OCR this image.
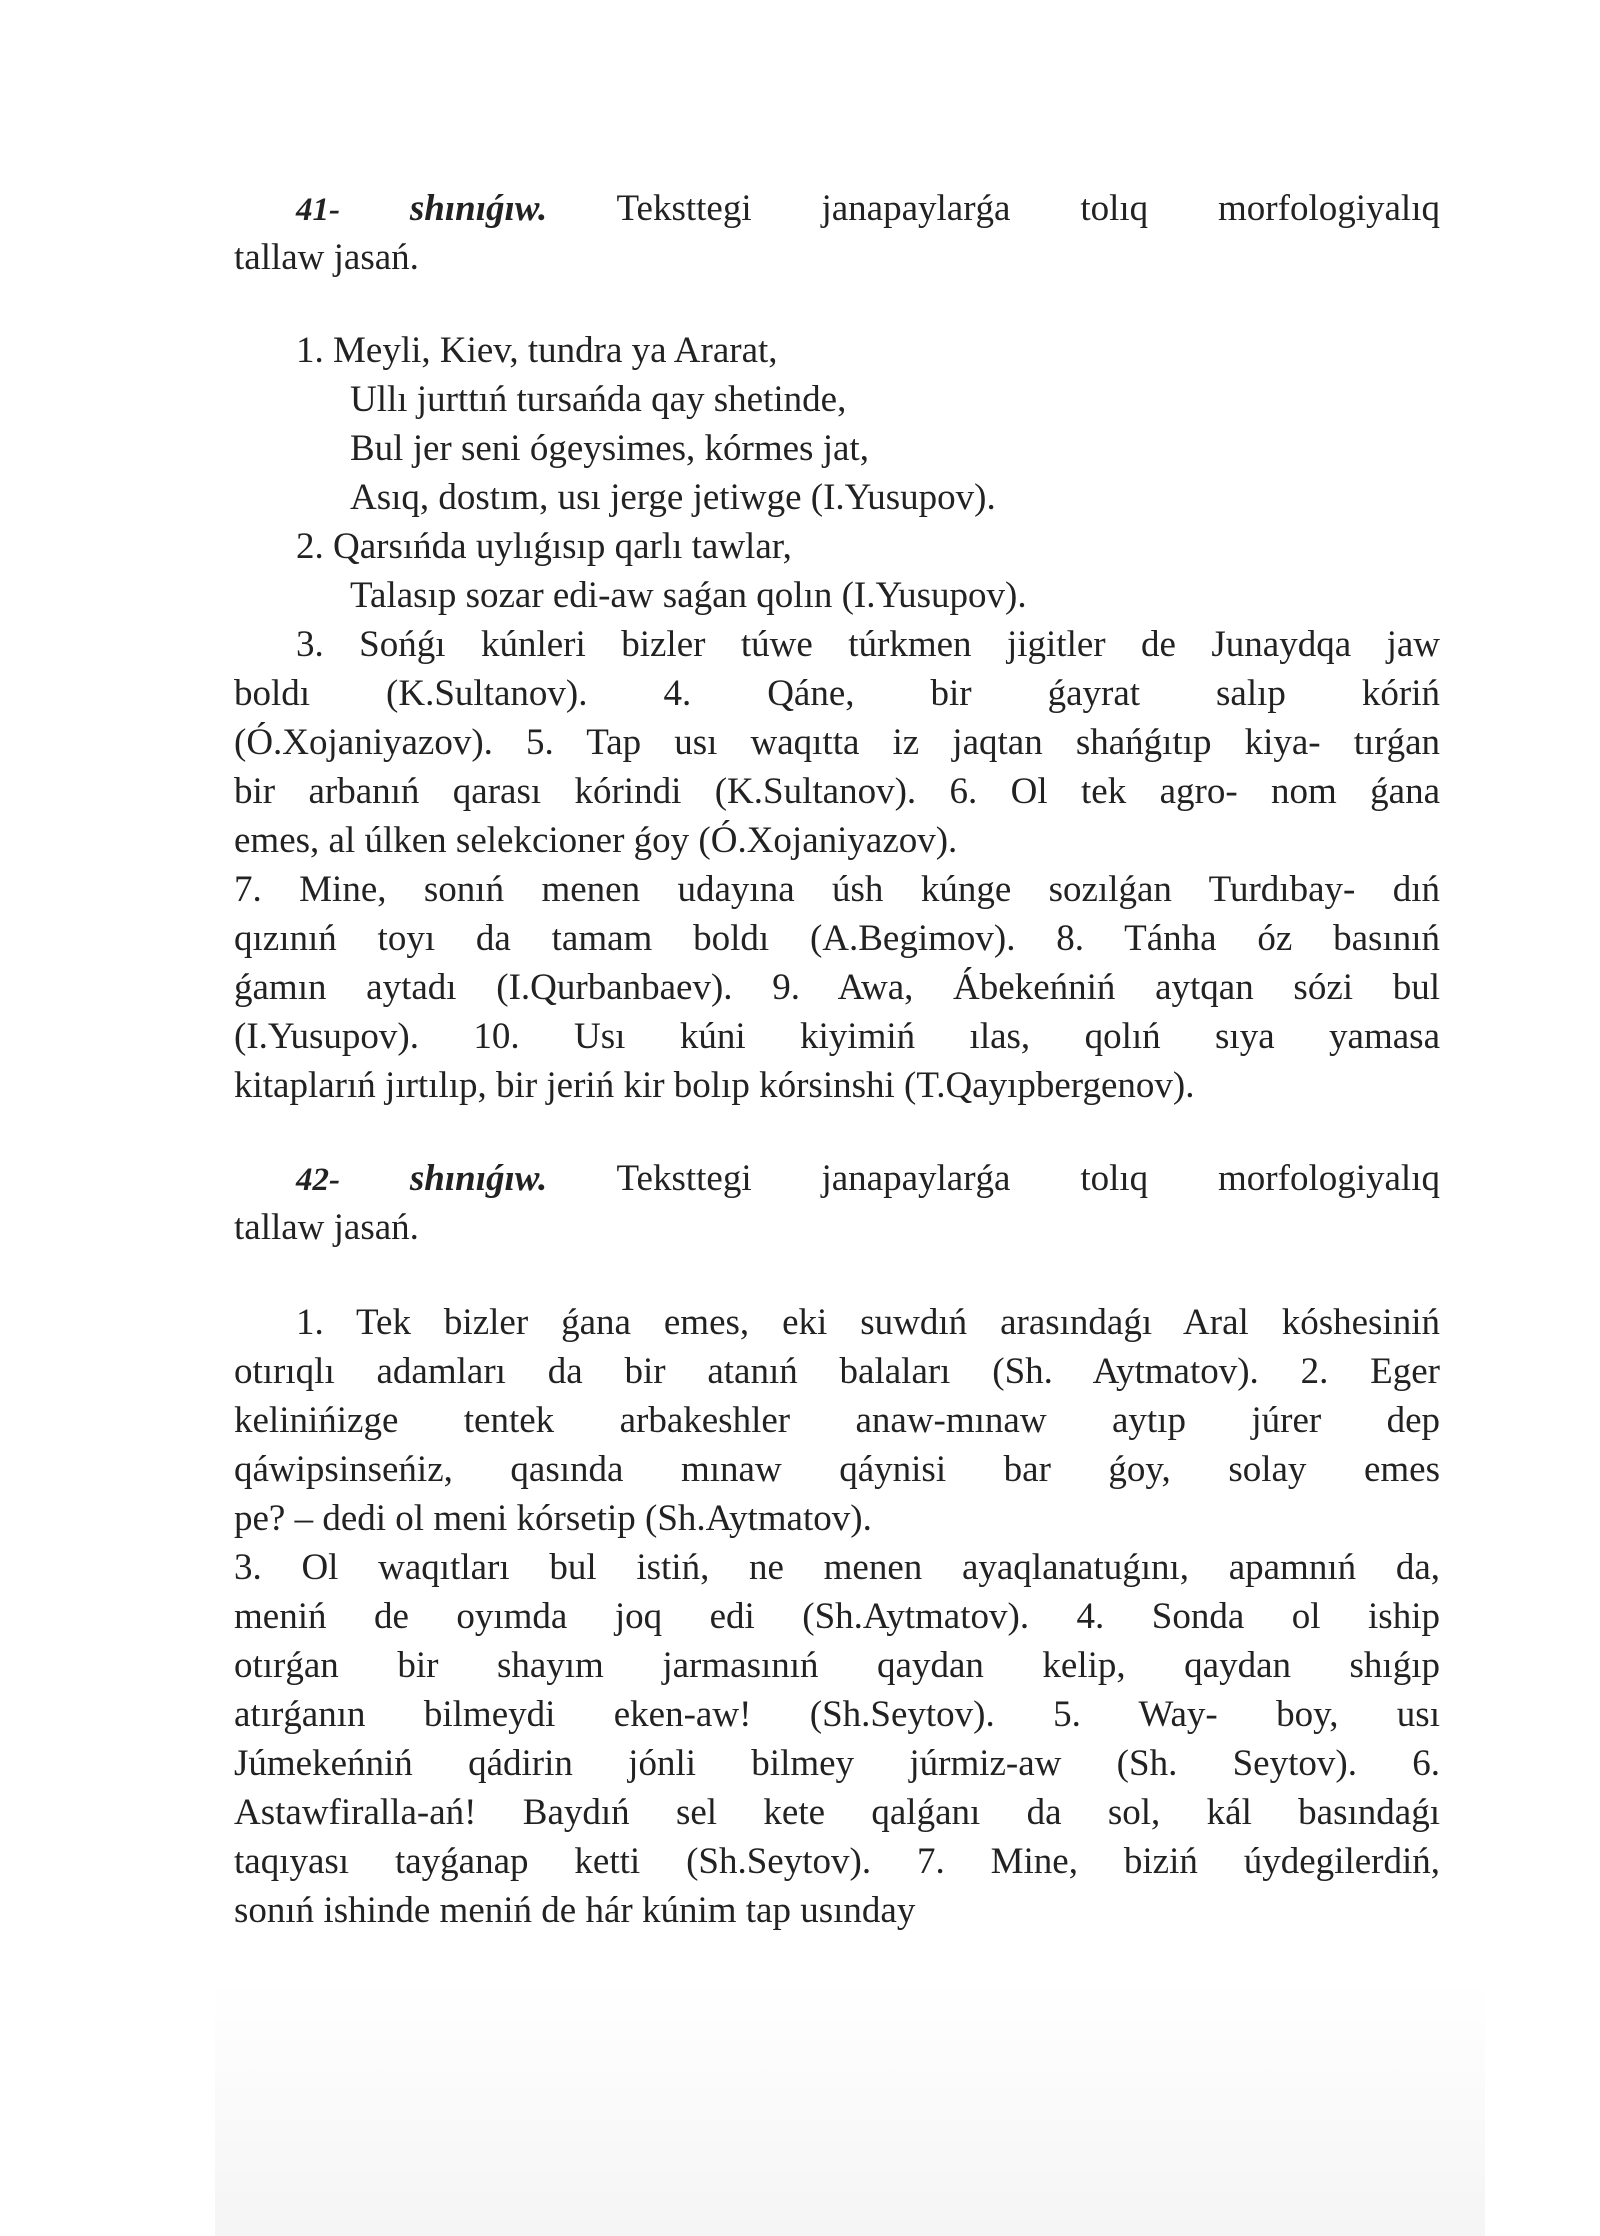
41- shınıǵıw. Teksttegi janapaylarǵa tolıq morfologiyalıq
tallaw jasań.
1. Meyli, Kiev, tundra ya Ararat,
Ullı jurttıń tursańda qay shetinde,
Bul jer seni ógeysimes, kórmes jat,
Asıq, dostım, usı jerge jetiwge (I.Yusupov).
2. Qarsıńda uylıǵısıp qarlı tawlar,
Talasıp sozar edi-aw saǵan qolın (I.Yusupov).
3. Sońǵı kúnleri bizler túwe túrkmen jigitler de Junaydqa jaw
boldı (K.Sultanov). 4. Qáne, bir ǵayrat salıp kóriń
(Ó.Xojaniyazov). 5. Tap usı waqıtta iz jaqtan shańǵıtıp kiya- tırǵan
bir arbanıń qarası kórindi (K.Sultanov). 6. Ol tek agro- nom ǵana
emes, al úlken selekcioner ǵoy (Ó.Xojaniyazov).
7. Mine, sonıń menen udayına úsh kúnge sozılǵan Turdıbay- dıń
qızınıń toyı da tamam boldı (A.Begimov). 8. Tánha óz basınıń
ǵamın aytadı (I.Qurbanbaev). 9. Awa, Ábekeńniń aytqan sózi bul
(I.Yusupov). 10. Usı kúni kiyimiń ılas, qolıń sıya yamasa
kitaplarıń jırtılıp, bir jeriń kir bolıp kórsinshi (T.Qayıpbergenov).
42- shınıǵıw. Teksttegi janapaylarǵa tolıq morfologiyalıq
tallaw jasań.
1. Tek bizler ǵana emes, eki suwdıń arasındaǵı Aral kóshesiniń
otırıqlı adamları da bir atanıń balaları (Sh. Aytmatov). 2. Eger
kelinińizge tentek arbakeshler anaw-mınaw aytıp júrer dep
qáwipsinseńiz, qasında mınaw qáynisi bar ǵoy, solay emes
pe? – dedi ol meni kórsetip (Sh.Aytmatov).
3. Ol waqıtları bul istiń, ne menen ayaqlanatuǵını, apamnıń da,
meniń de oyımda joq edi (Sh.Aytmatov). 4. Sonda ol iship
otırǵan bir shayım jarmasınıń qaydan kelip, qaydan shıǵıp
atırǵanın bilmeydi eken-aw! (Sh.Seytov). 5. Way- boy, usı
Júmekeńniń qádirin jónli bilmey júrmiz-aw (Sh. Seytov). 6.
Astawfiralla-ań! Baydıń sel kete qalǵanı da sol, kál basındaǵı
taqıyası tayǵanap ketti (Sh.Seytov). 7. Mine, biziń úydegilerdiń,
sonıń ishinde meniń de hár kúnim tap usınday
